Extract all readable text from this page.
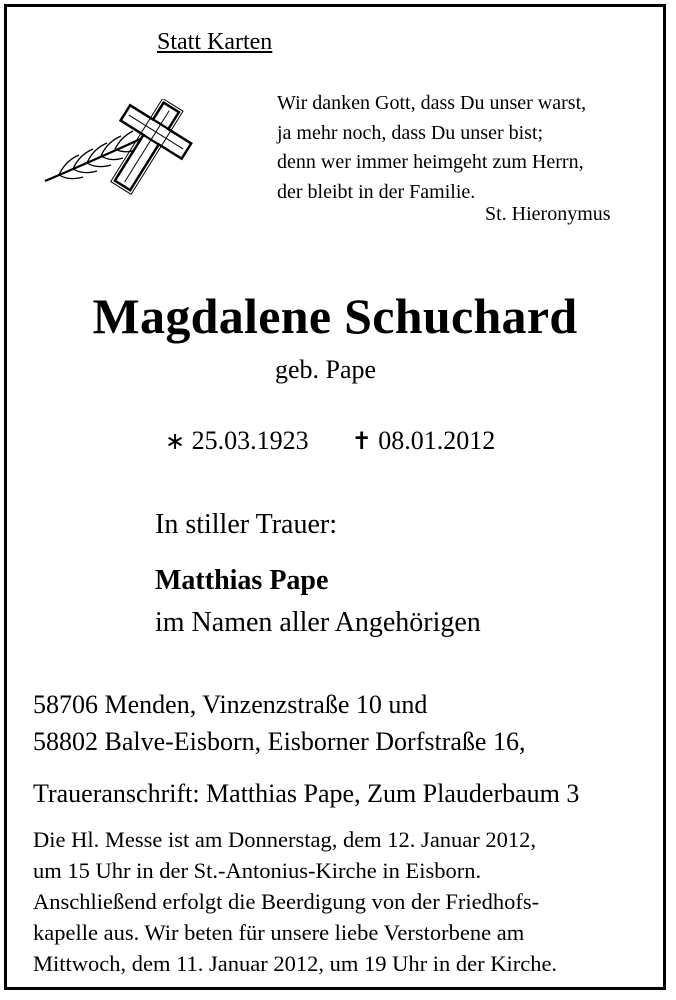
Statt Karten
Wir danken Gott, dass Du unser warst,
ja mehr noch, dass Du unser bist;
denn wer immer heimgeht zum Herrn,
der bleibt in der Familie.
St. Hieronymus
Magdalene Schuchard
geb. Pape
∗ 25.03.1923 ✝ 08.01.2012
In stiller Trauer:
Matthias Pape
im Namen aller Angehörigen
58706 Menden, Vinzenzstraße 10 und
58802 Balve-Eisborn, Eisborner Dorfstraße 16,
Traueranschrift: Matthias Pape, Zum Plauderbaum 3
Die Hl. Messe ist am Donnerstag, dem 12. Januar 2012,
um 15 Uhr in der St.-Antonius-Kirche in Eisborn.
Anschließend erfolgt die Beerdigung von der Friedhofs-
kapelle aus. Wir beten für unsere liebe Verstorbene am
Mittwoch, dem 11. Januar 2012, um 19 Uhr in der Kirche.
